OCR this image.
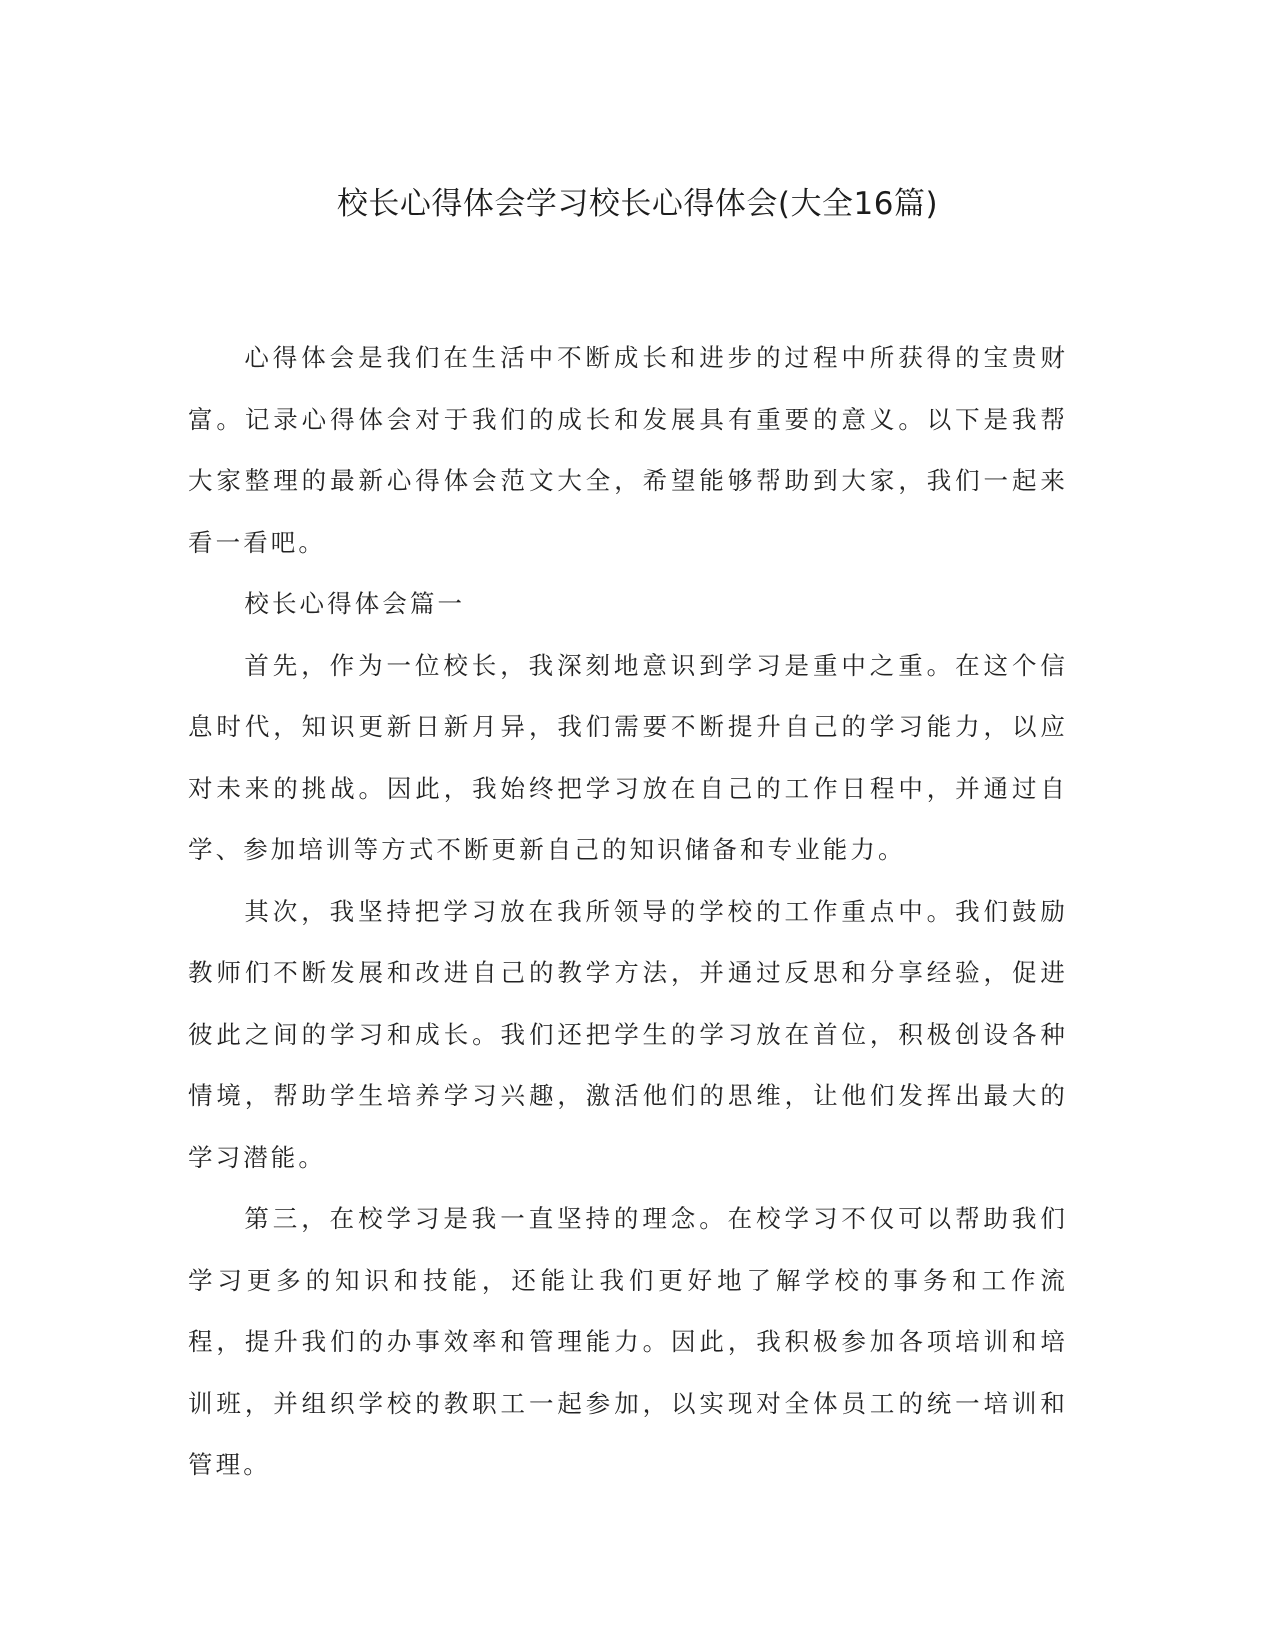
校长心得体会学习校长心得体会(大全16篇)

心得体会是我们在生活中不断成长和进步的过程中所获得的宝贵财富。记录心得体会对于我们的成长和发展具有重要的意义。以下是我帮大家整理的最新心得体会范文大全，希望能够帮助到大家，我们一起来看一看吧。

校长心得体会篇一

首先，作为一位校长，我深刻地意识到学习是重中之重。在这个信息时代，知识更新日新月异，我们需要不断提升自己的学习能力，以应对未来的挑战。因此，我始终把学习放在自己的工作日程中，并通过自学、参加培训等方式不断更新自己的知识储备和专业能力。

其次，我坚持把学习放在我所领导的学校的工作重点中。我们鼓励教师们不断发展和改进自己的教学方法，并通过反思和分享经验，促进彼此之间的学习和成长。我们还把学生的学习放在首位，积极创设各种情境，帮助学生培养学习兴趣，激活他们的思维，让他们发挥出最大的学习潜能。

第三，在校学习是我一直坚持的理念。在校学习不仅可以帮助我们学习更多的知识和技能，还能让我们更好地了解学校的事务和工作流程，提升我们的办事效率和管理能力。因此，我积极参加各项培训和培训班，并组织学校的教职工一起参加，以实现对全体员工的统一培训和管理。
